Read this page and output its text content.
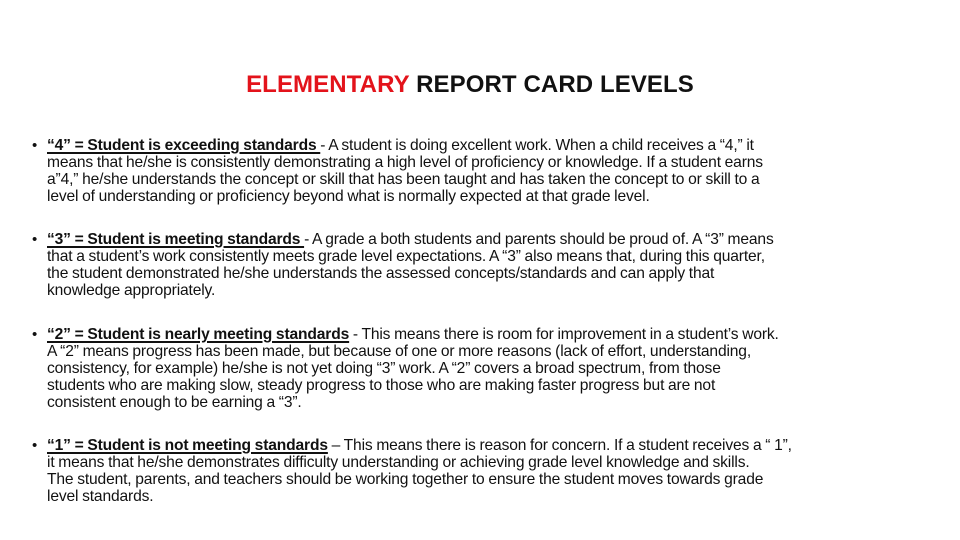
ELEMENTARY REPORT CARD LEVELS
• “4” = Student is exceeding standards - A student is doing excellent work. When a child receives a “4,” it
means that he/she is consistently demonstrating a high level of proficiency or knowledge. If a student earns
a”4,” he/she understands the concept or skill that has been taught and has taken the concept to or skill to a
level of understanding or proficiency beyond what is normally expected at that grade level.
• “3” = Student is meeting standards - A grade a both students and parents should be proud of. A “3” means
that a student’s work consistently meets grade level expectations. A “3” also means that, during this quarter,
the student demonstrated he/she understands the assessed concepts/standards and can apply that
knowledge appropriately.
• “2” = Student is nearly meeting standards - This means there is room for improvement in a student’s work.
A “2” means progress has been made, but because of one or more reasons (lack of effort, understanding,
consistency, for example) he/she is not yet doing “3” work. A “2” covers a broad spectrum, from those
students who are making slow, steady progress to those who are making faster progress but are not
consistent enough to be earning a “3”.
• “1” = Student is not meeting standards – This means there is reason for concern. If a student receives a “ 1”,
it means that he/she demonstrates difficulty understanding or achieving grade level knowledge and skills.
The student, parents, and teachers should be working together to ensure the student moves towards grade
level standards.
